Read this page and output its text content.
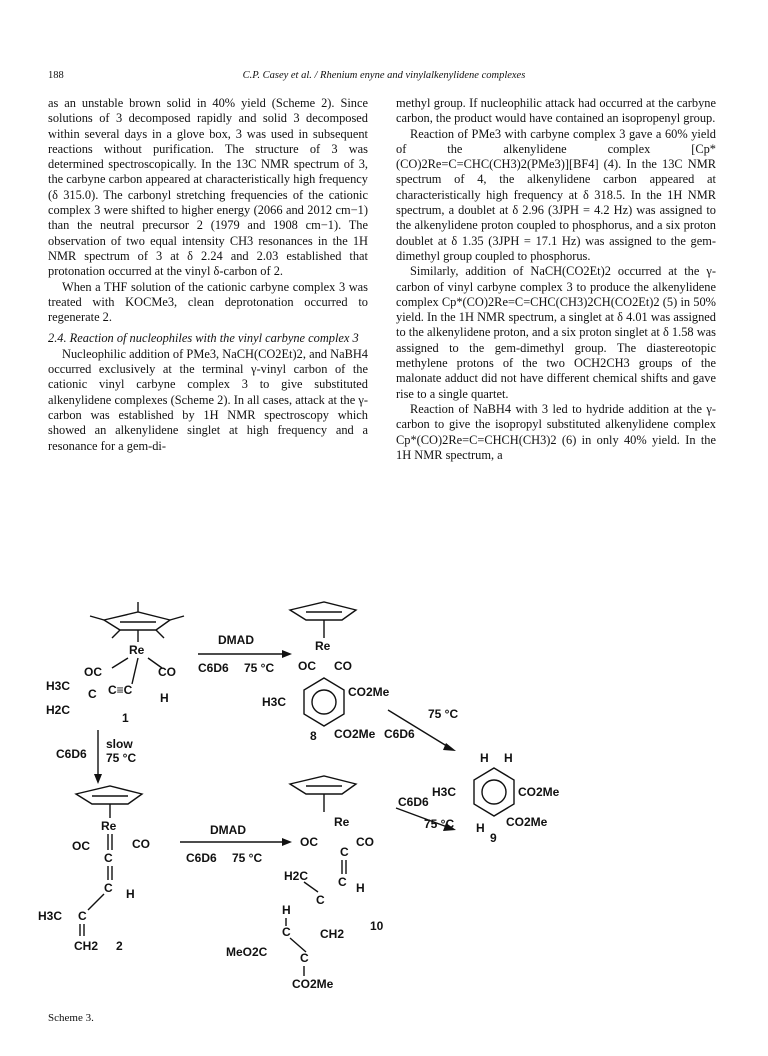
188	C.P. Casey et al. / Rhenium enyne and vinylalkenylidene complexes

as an unstable brown solid in 40% yield (Scheme 2). Since solutions of 3 decomposed rapidly and solid 3 decomposed within several days in a glove box, 3 was used in subsequent reactions without purification. The structure of 3 was determined spectroscopically. In the 13C NMR spectrum of 3, the carbyne carbon appeared at characteristically high frequency (δ 315.0). The carbonyl stretching frequencies of the cationic complex 3 were shifted to higher energy (2066 and 2012 cm−1) than the neutral precursor 2 (1979 and 1908 cm−1). The observation of two equal intensity CH3 resonances in the 1H NMR spectrum of 3 at δ 2.24 and 2.03 established that protonation occurred at the vinyl δ-carbon of 2.

When a THF solution of the cationic carbyne complex 3 was treated with KOCMe3, clean deprotonation occurred to regenerate 2.

2.4. Reaction of nucleophiles with the vinyl carbyne complex 3

Nucleophilic addition of PMe3, NaCH(CO2Et)2, and NaBH4 occurred exclusively at the terminal γ-vinyl carbon of the cationic vinyl carbyne complex 3 to give substituted alkenylidene complexes (Scheme 2). In all cases, attack at the γ-carbon was established by 1H NMR spectroscopy which showed an alkenylidene singlet at high frequency and a resonance for a gem-di-

methyl group. If nucleophilic attack had occurred at the carbyne carbon, the product would have contained an isopropenyl group.

Reaction of PMe3 with carbyne complex 3 gave a 60% yield of the alkenylidene complex [Cp*(CO)2Re=C=CHC(CH3)2(PMe3)][BF4] (4). In the 13C NMR spectrum of 4, the alkenylidene carbon appeared at characteristically high frequency at δ 318.5. In the 1H NMR spectrum, a doublet at δ 2.96 (3JPH = 4.2 Hz) was assigned to the alkenylidene proton coupled to phosphorus, and a six proton doublet at δ 1.35 (3JPH = 17.1 Hz) was assigned to the gem-dimethyl group coupled to phosphorus.

Similarly, addition of NaCH(CO2Et)2 occurred at the γ-carbon of vinyl carbyne complex 3 to produce the alkenylidene complex Cp*(CO)2Re=C=CHC(CH3)2CH(CO2Et)2 (5) in 50% yield. In the 1H NMR spectrum, a singlet at δ 4.01 was assigned to the alkenylidene proton, and a six proton singlet at δ 1.58 was assigned to the gem-dimethyl group. The diastereotopic methylene protons of the two OCH2CH3 groups of the malonate adduct did not have different chemical shifts and gave rise to a single quartet.

Reaction of NaBH4 with 3 led to hydride addition at the γ-carbon to give the isopropyl substituted alkenylidene complex Cp*(CO)2Re=C=CHCH(CH3)2 (6) in only 40% yield. In the 1H NMR spectrum, a

Re
OC	CO
H3C
C C≡C
H
H2C
1
DMAD
C6D6 75 °C
Re
OC CO
H3C
CO2Me
CO2Me
8
75 °C
C6D6
H H
H3C	CO2Me
H CO2Me
9
C6D6
75 °C
C6D6
slow
75 °C
Re
OC	CO
C
C H
H3C C
CH2 2
DMAD
C6D6 75 °C
Re
OC	CO
C
C H
H2C
C
H
C CH2
10
MeO2C	C
CO2Me
Scheme 3.
